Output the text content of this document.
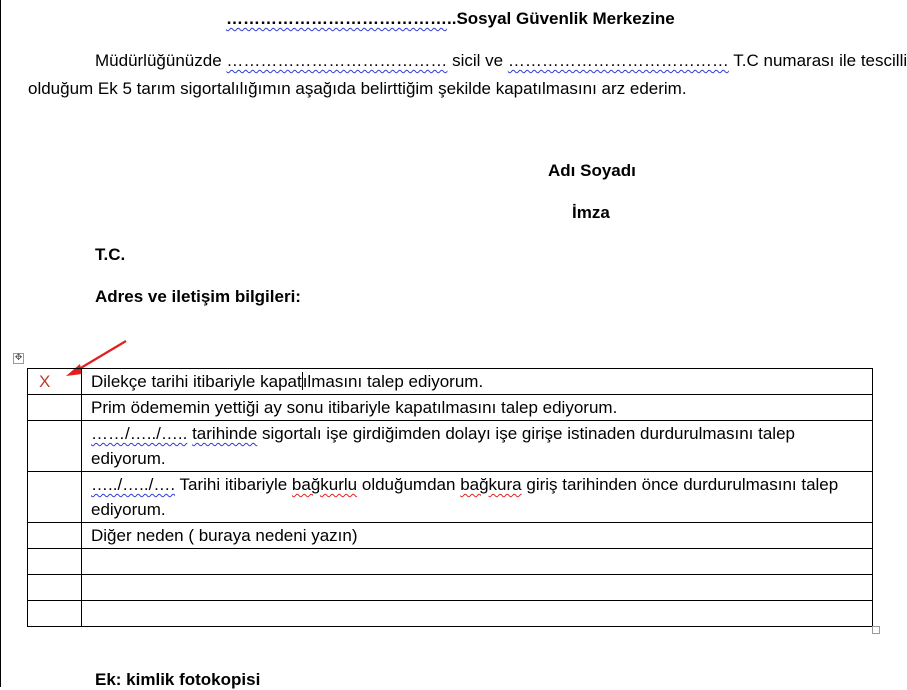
…………………………………..Sosyal Güvenlik Merkezine
Müdürlüğünüzde ………………………………… sicil ve ………………………………… T.C numarası ile tescilli
olduğum Ek 5 tarım sigortalılığımın aşağıda belirttiğim şekilde kapatılmasını arz ederim.
Adı Soyadı
İmza
T.C.
Adres ve iletişim bilgileri:
✥
X	Dilekçe tarihi itibariyle kapatılmasını talep ediyorum.
	Prim ödememin yettiği ay sonu itibariyle kapatılmasını talep ediyorum.
	……/…../….. tarihinde sigortalı işe girdiğimden dolayı işe girişe istinaden durdurulmasını talep ediyorum.
	…../…../…. Tarihi itibariyle bağkurlu olduğumdan bağkura giriş tarihinden önce durdurulmasını talep ediyorum.
	Diğer neden ( buraya nedeni yazın)

Ek: kimlik fotokopisi
